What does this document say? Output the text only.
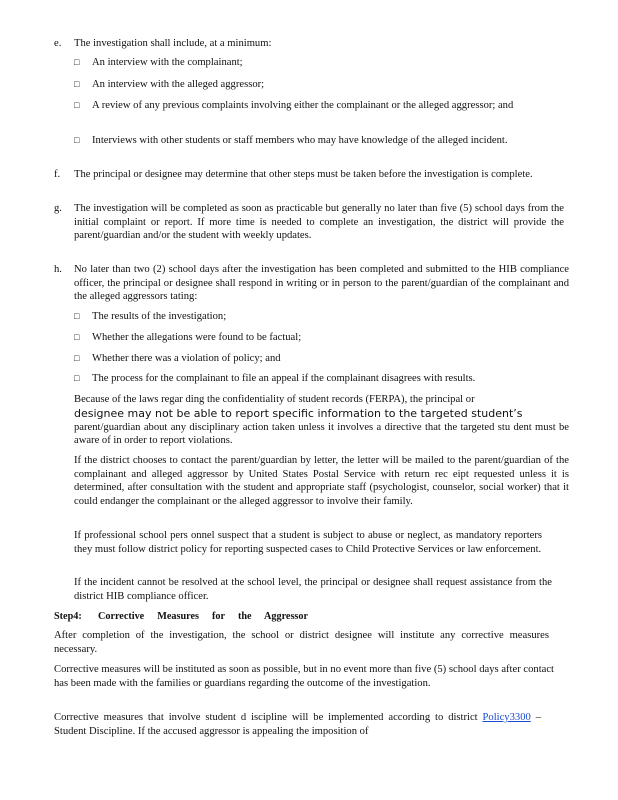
e. The investigation shall include, at a minimum:
□ An interview with the complainant;
□ An interview with the alleged aggressor;
□ A review of any previous complaints involving either the complainant or the alleged aggressor; and
□ Interviews with other students or staff members who may have knowledge of the alleged incident.
f. The principal or designee may determine that other steps must be taken before the investigation is complete.
g. The investigation will be completed as soon as practicable but generally no later than five (5) school days from the initial complaint or report. If more time is needed to complete an investigation, the district will provide the parent/guardian and/or the student with weekly updates.
h. No later than two (2) school days after the investigation has been completed and submitted to the HIB compliance officer, the principal or designee shall respond in writing or in person to the parent/guardian of the complainant and the alleged aggressors tating:
□ The results of the investigation;
□ Whether the allegations were found to be factual;
□ Whether there was a violation of policy; and
□ The process for the complainant to file an appeal if the complainant disagrees with results.

Because of the laws regar ding the confidentiality of student records (FERPA), the principal or

designee may not be able to report specific information to the targeted student’s

parent/guardian about any disciplinary action taken unless it involves a directive that the targeted stu dent must be aware of in order to report violations.

If the district chooses to contact the parent/guardian by letter, the letter will be mailed to the parent/guardian of the complainant and alleged aggressor by United States Postal Service with return rec eipt requested unless it is determined, after consultation with the student and appropriate staff (psychologist, counselor, social worker) that it could endanger the complainant or the alleged aggressor to involve their family.
If professional school pers onnel suspect that a student is subject to abuse or neglect, as mandatory reporters they must follow district policy for reporting suspected cases to Child Protective Services or law enforcement.
If the incident cannot be resolved at the school level, the principal or designee shall request assistance from the district HIB compliance officer.
Step4: Corrective Measures for the Aggressor
After completion of the investigation, the school or district designee will institute any corrective measures necessary.
Corrective measures will be instituted as soon as possible, but in no event more than five (5) school days after contact has been made with the families or guardians regarding the outcome of the investigation.
Corrective measures that involve student d iscipline will be implemented according to district Policy3300 – Student Discipline. If the accused aggressor is appealing the imposition of
